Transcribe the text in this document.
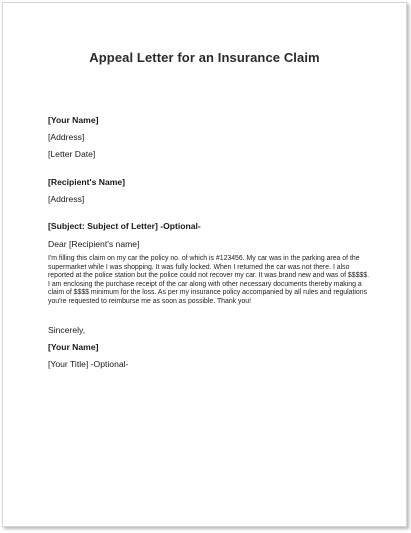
Appeal Letter for an Insurance Claim
[Your Name]
[Address]
[Letter Date]
[Recipient's Name]
[Address]
[Subject: Subject of Letter] -Optional-
Dear [Recipient's name]
I'm filling this claim on my car the policy no. of which is #123456. My car was in the parking area of the supermarket while I was shopping. It was fully locked. When I returned the car was not there. I also reported at the police station but the police could not recover my car. It was brand new and was of $$$$$. I am enclosing the purchase receipt of the car along with other necessary documents thereby making a claim of $$$$ minimum for the loss. As per my insurance policy accompanied by all rules and regulations you're requested to reimburse me as soon as possible. Thank you!
Sincerely,
[Your Name]
[Your Title] -Optional-
